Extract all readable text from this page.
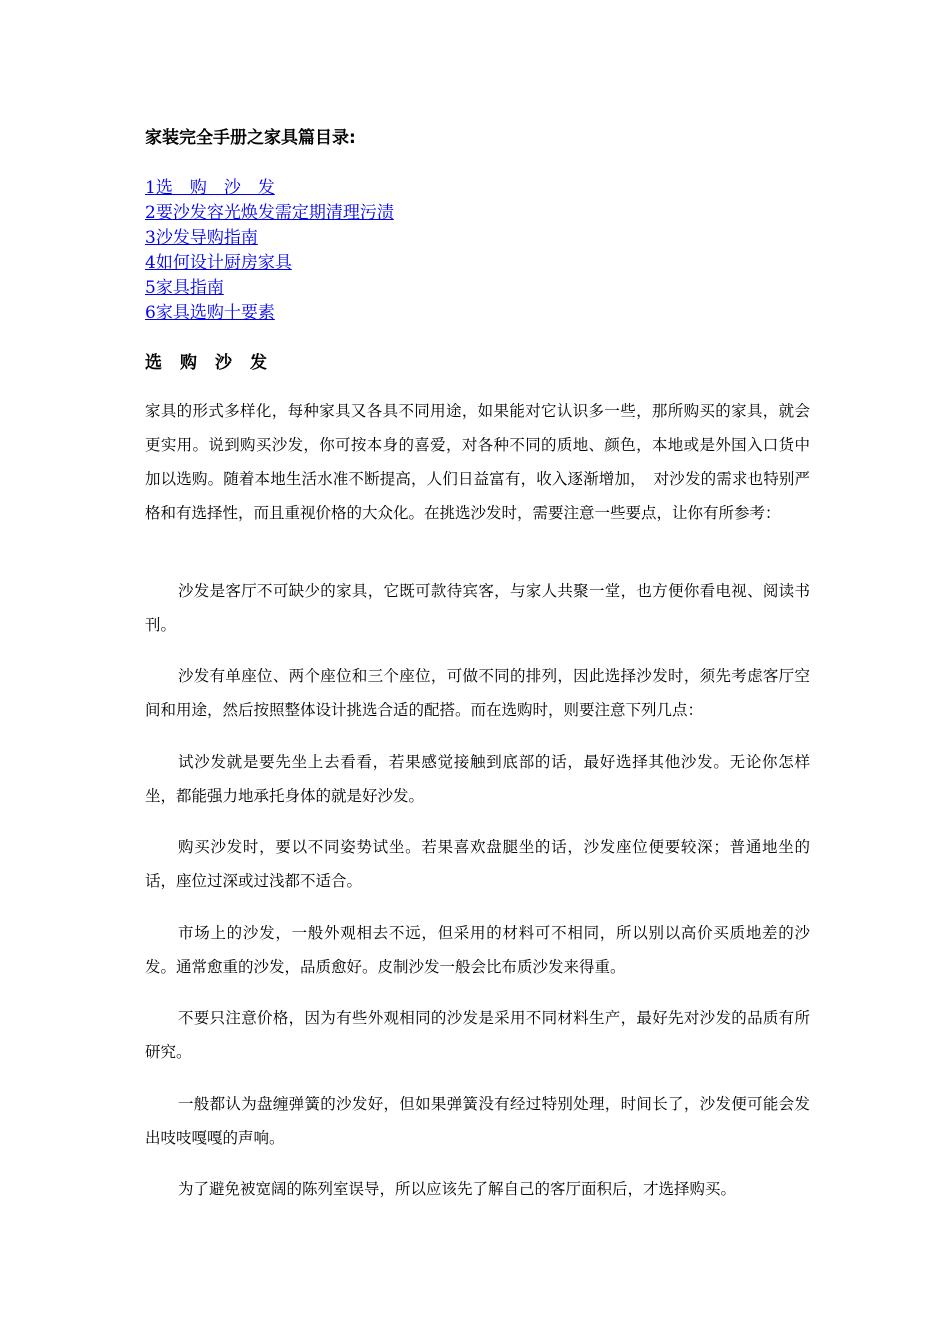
家装完全手册之家具篇目录:
1选　购　沙　发
2要沙发容光焕发需定期清理污渍
3沙发导购指南
4如何设计厨房家具
5家具指南
6家具选购十要素
选购沙发

家具的形式多样化，每种家具又各具不同用途，如果能对它认识多一些，那所购买的家具，就会更实用。说到购买沙发，你可按本身的喜爱，对各种不同的质地、颜色，本地或是外国入口货中加以选购。随着本地生活水准不断提高，人们日益富有，收入逐渐增加，　对沙发的需求也特别严格和有选择性，而且重视价格的大众化。在挑选沙发时，需要注意一些要点，让你有所参考：

沙发是客厅不可缺少的家具，它既可款待宾客，与家人共聚一堂，也方便你看电视、阅读书刊。

沙发有单座位、两个座位和三个座位，可做不同的排列，因此选择沙发时，须先考虑客厅空间和用途，然后按照整体设计挑选合适的配搭。而在选购时，则要注意下列几点：

试沙发就是要先坐上去看看，若果感觉接触到底部的话，最好选择其他沙发。无论你怎样坐，都能强力地承托身体的就是好沙发。

购买沙发时，要以不同姿势试坐。若果喜欢盘腿坐的话，沙发座位便要较深；普通地坐的话，座位过深或过浅都不适合。

市场上的沙发，一般外观相去不远，但采用的材料可不相同，所以别以高价买质地差的沙发。通常愈重的沙发，品质愈好。皮制沙发一般会比布质沙发来得重。

不要只注意价格，因为有些外观相同的沙发是采用不同材料生产，最好先对沙发的品质有所研究。

一般都认为盘缠弹簧的沙发好，但如果弹簧没有经过特别处理，时间长了，沙发便可能会发出吱吱嘎嘎的声响。

为了避免被宽阔的陈列室误导，所以应该先了解自己的客厅面积后，才选择购买。
